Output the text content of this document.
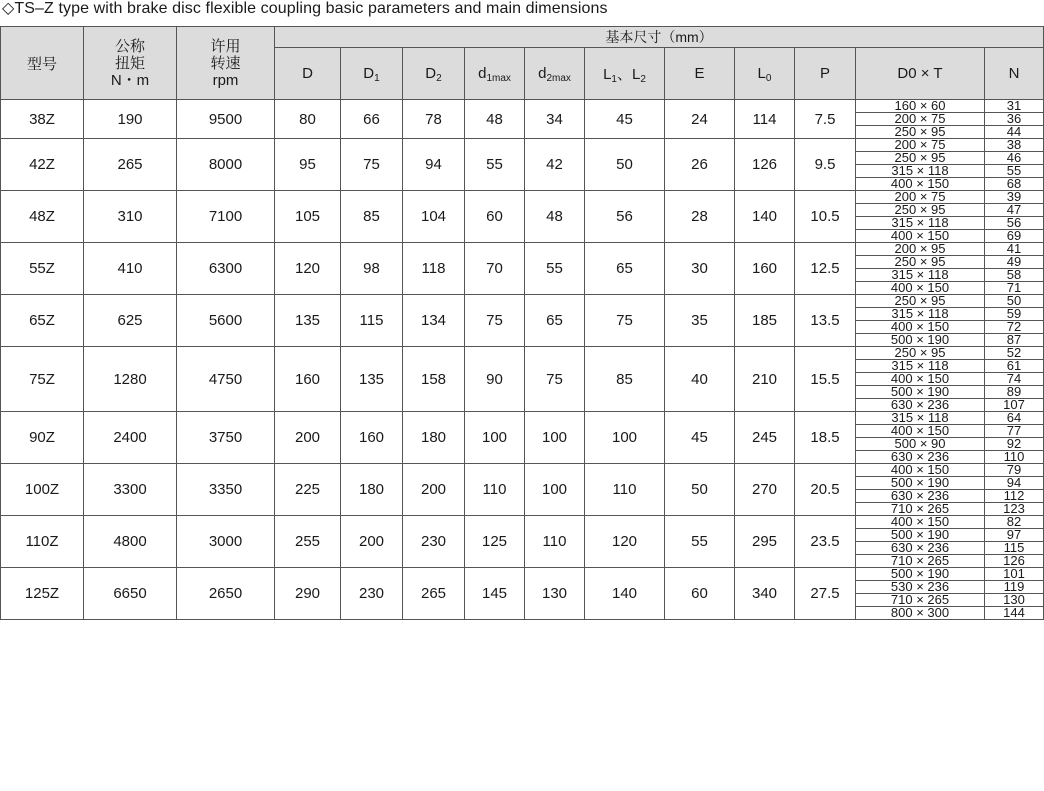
◇TS–Z type with brake disc flexible coupling basic parameters and main dimensions
型号	公称
扭矩
N・m	许用
转速
rpm	基本尺寸（mm）										
			D	$D_1$	$D_2$	$d_{1max}$	$d_{2max}$	$L_1$、$L_2$	E	$L_0$	P	D0 × T	N
38Z	190	9500	80	66	78	48	34	45	24	114	7.5	160 × 60	31
												200 × 75	36
												250 × 95	44
42Z	265	8000	95	75	94	55	42	50	26	126	9.5	200 × 75	38
												250 × 95	46
												315 × 118	55
												400 × 150	68
48Z	310	7100	105	85	104	60	48	56	28	140	10.5	200 × 75	39
												250 × 95	47
												315 × 118	56
												400 × 150	69
55Z	410	6300	120	98	118	70	55	65	30	160	12.5	200 × 95	41
												250 × 95	49
												315 × 118	58
												400 × 150	71
65Z	625	5600	135	115	134	75	65	75	35	185	13.5	250 × 95	50
												315 × 118	59
												400 × 150	72
												500 × 190	87
75Z	1280	4750	160	135	158	90	75	85	40	210	15.5	250 × 95	52
												315 × 118	61
												400 × 150	74
												500 × 190	89
												630 × 236	107
90Z	2400	3750	200	160	180	100	100	100	45	245	18.5	315 × 118	64
												400 × 150	77
												500 × 90	92
												630 × 236	110
100Z	3300	3350	225	180	200	110	100	110	50	270	20.5	400 × 150	79
												500 × 190	94
												630 × 236	112
												710 × 265	123
110Z	4800	3000	255	200	230	125	110	120	55	295	23.5	400 × 150	82
												500 × 190	97
												630 × 236	115
												710 × 265	126
125Z	6650	2650	290	230	265	145	130	140	60	340	27.5	500 × 190	101
												530 × 236	119
												710 × 265	130
												800 × 300	144
